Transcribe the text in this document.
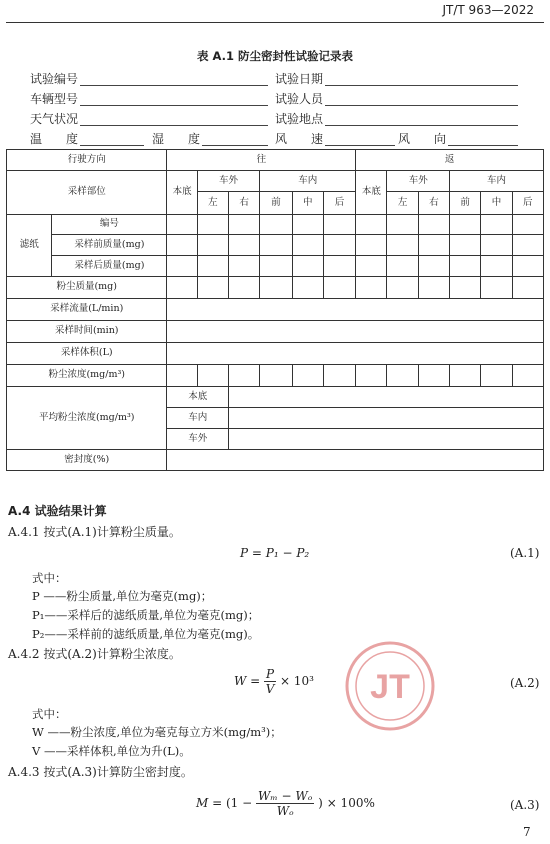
JT/T 963—2022
表 A.1 防尘密封性试验记录表
试验编号	试验日期
车辆型号	试验人员
天气状况	试验地点
温　　度	湿　　度	风　　速	风　　向
行驶方向		往						返					
采样部位		本底	车外		车内			本底	车外		车内		
			左	右	前	中	后		左	右	前	中	后
滤纸	编号												
	采样前质量(mg)												
	采样后质量(mg)												
粉尘质量(mg)													
采样流量(L/min)													
采样时间(min)													
采样体积(L)													
粉尘浓度(mg/m³)													
平均粉尘浓度(mg/m³)		本底											
		车内											
		车外											
密封度(%)													
JT
A.4 试验结果计算
A.4.1 按式(A.1)计算粉尘质量。
P = P₁ − P₂	(A.1)
式中：
P ——粉尘质量,单位为毫克(mg)；
P₁——采样后的滤纸质量,单位为毫克(mg)；
P₂——采样前的滤纸质量,单位为毫克(mg)。
A.4.2 按式(A.2)计算粉尘浓度。
$W = \frac{P}{V} \times 10^3$	(A.2)
式中：
W ——粉尘浓度,单位为毫克每立方米(mg/m³)；
V ——采样体积,单位为升(L)。
A.4.3 按式(A.3)计算防尘密封度。
$M = (1 - \frac{\text{Wₘ − Wₒ}}{\text{Wₒ}}$ ) × 100%	(A.3)
7
